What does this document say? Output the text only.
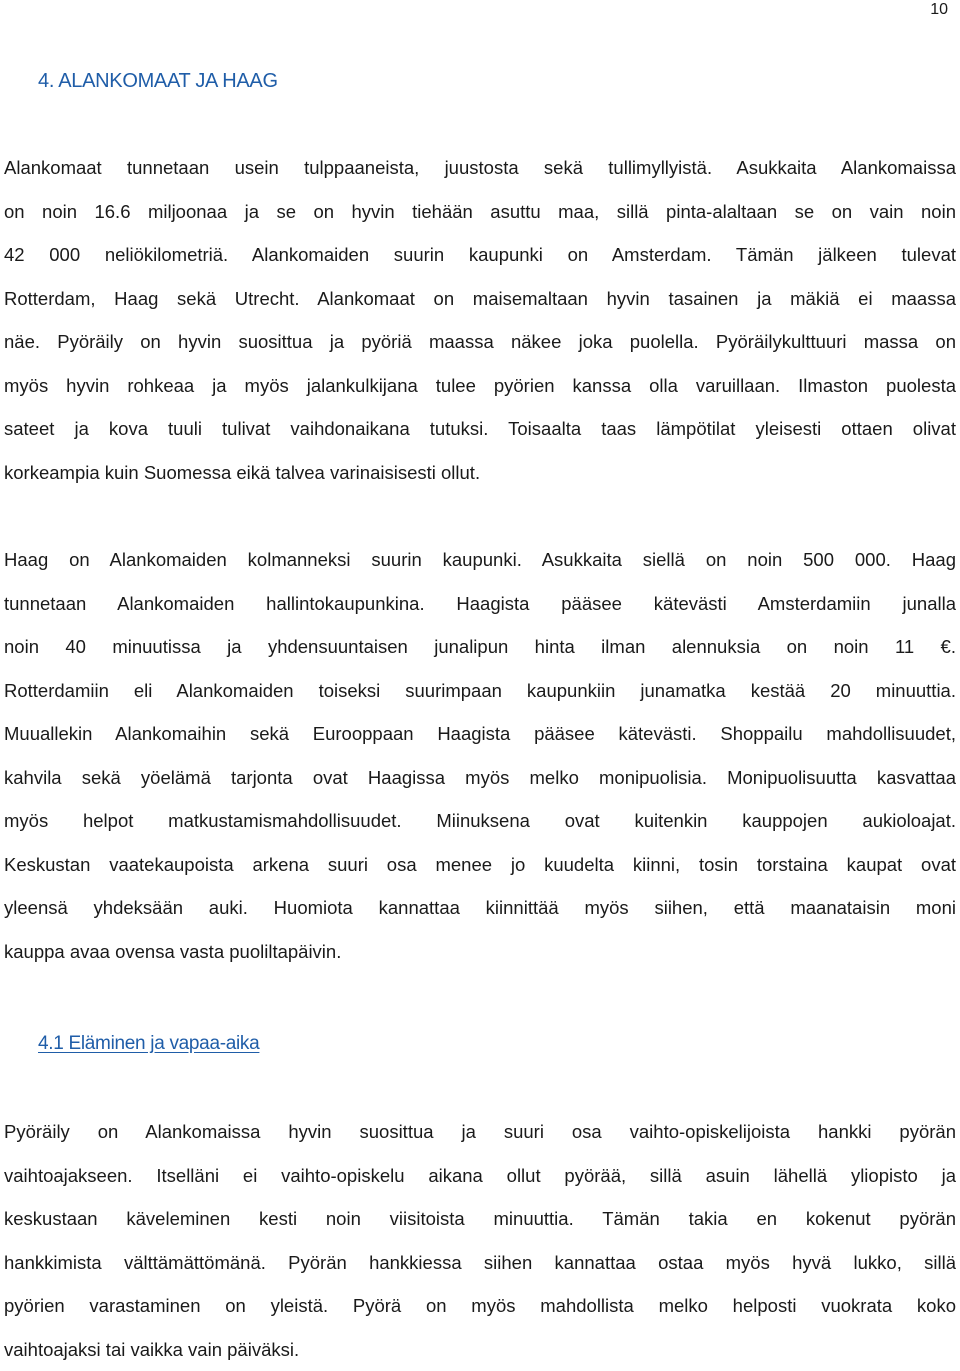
10
4. ALANKOMAAT JA HAAG

Alankomaat tunnetaan usein tulppaaneista, juustosta sekä tullimyllyistä. Asukkaita Alankomaissa
on noin 16.6 miljoonaa ja se on hyvin tiehään asuttu maa, sillä pinta-alaltaan se on vain noin
42 000 neliökilometriä. Alankomaiden suurin kaupunki on Amsterdam. Tämän jälkeen tulevat
Rotterdam, Haag sekä Utrecht. Alankomaat on maisemaltaan hyvin tasainen ja mäkiä ei maassa
näe. Pyöräily on hyvin suosittua ja pyöriä maassa näkee joka puolella. Pyöräilykulttuuri massa on
myös hyvin rohkeaa ja myös jalankulkijana tulee pyörien kanssa olla varuillaan. Ilmaston puolesta
sateet ja kova tuuli tulivat vaihdonaikana tutuksi. Toisaalta taas lämpötilat yleisesti ottaen olivat
korkeampia kuin Suomessa eikä talvea varinaisisesti ollut.

Haag on Alankomaiden kolmanneksi suurin kaupunki. Asukkaita siellä on noin 500 000. Haag
tunnetaan Alankomaiden hallintokaupunkina. Haagista pääsee kätevästi Amsterdamiin junalla
noin 40 minuutissa ja yhdensuuntaisen junalipun hinta ilman alennuksia on noin 11 €.
Rotterdamiin eli Alankomaiden toiseksi suurimpaan kaupunkiin junamatka kestää 20 minuuttia.
Muuallekin Alankomaihin sekä Eurooppaan Haagista pääsee kätevästi. Shoppailu mahdollisuudet,
kahvila sekä yöelämä tarjonta ovat Haagissa myös melko monipuolisia. Monipuolisuutta kasvattaa
myös helpot matkustamismahdollisuudet. Miinuksena ovat kuitenkin kauppojen aukioloajat.
Keskustan vaatekaupoista arkena suuri osa menee jo kuudelta kiinni, tosin torstaina kaupat ovat
yleensä yhdeksään auki. Huomiota kannattaa kiinnittää myös siihen, että maanataisin moni
kauppa avaa ovensa vasta puoliltapäivin.

4.1 Eläminen ja vapaa-aika

Pyöräily on Alankomaissa hyvin suosittua ja suuri osa vaihto-opiskelijoista hankki pyörän
vaihtoajakseen. Itselläni ei vaihto-opiskelu aikana ollut pyörää, sillä asuin lähellä yliopisto ja
keskustaan käveleminen kesti noin viisitoista minuuttia. Tämän takia en kokenut pyörän
hankkimista välttämättömänä. Pyörän hankkiessa siihen kannattaa ostaa myös hyvä lukko, sillä
pyörien varastaminen on yleistä. Pyörä on myös mahdollista melko helposti vuokrata koko
vaihtoajaksi tai vaikka vain päiväksi.
